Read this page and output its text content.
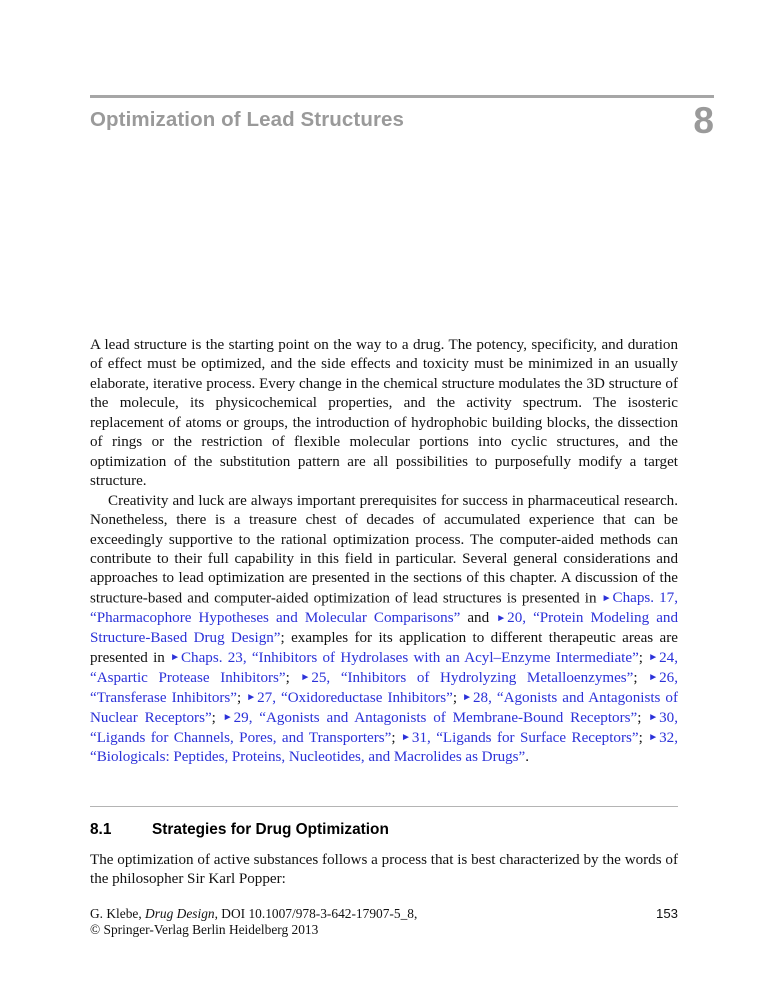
Optimization of Lead Structures	8

A lead structure is the starting point on the way to a drug. The potency, specificity, and duration of effect must be optimized, and the side effects and toxicity must be minimized in an usually elaborate, iterative process. Every change in the chemical structure modulates the 3D structure of the molecule, its physicochemical properties, and the activity spectrum. The isosteric replacement of atoms or groups, the introduction of hydrophobic building blocks, the dissection of rings or the restriction of flexible molecular portions into cyclic structures, and the optimization of the substitution pattern are all possibilities to purposefully modify a target structure.

Creativity and luck are always important prerequisites for success in pharmaceutical research. Nonetheless, there is a treasure chest of decades of accumulated experience that can be exceedingly supportive to the rational optimization process. The computer-aided methods can contribute to their full capability in this field in particular. Several general considerations and approaches to lead optimization are presented in the sections of this chapter. A discussion of the structure-based and computer-aided optimization of lead structures is presented in ►Chaps. 17, “Pharmacophore Hypotheses and Molecular Comparisons” and ►20, “Protein Modeling and Structure-Based Drug Design”; examples for its application to different therapeutic areas are presented in ►Chaps. 23, “Inhibitors of Hydrolases with an Acyl–Enzyme Intermediate”; ►24, “Aspartic Protease Inhibitors”; ►25, “Inhibitors of Hydrolyzing Metalloenzymes”; ►26, “Transferase Inhibitors”; ►27, “Oxidoreductase Inhibitors”; ►28, “Agonists and Antagonists of Nuclear Receptors”; ►29, “Agonists and Antagonists of Membrane-Bound Receptors”; ►30, “Ligands for Channels, Pores, and Transporters”; ►31, “Ligands for Surface Receptors”; ►32, “Biologicals: Peptides, Proteins, Nucleotides, and Macrolides as Drugs”.

8.1	Strategies for Drug Optimization

The optimization of active substances follows a process that is best characterized by the words of the philosopher Sir Karl Popper:

G. Klebe, Drug Design, DOI 10.1007/978-3-642-17907-5_8,	153
© Springer-Verlag Berlin Heidelberg 2013
